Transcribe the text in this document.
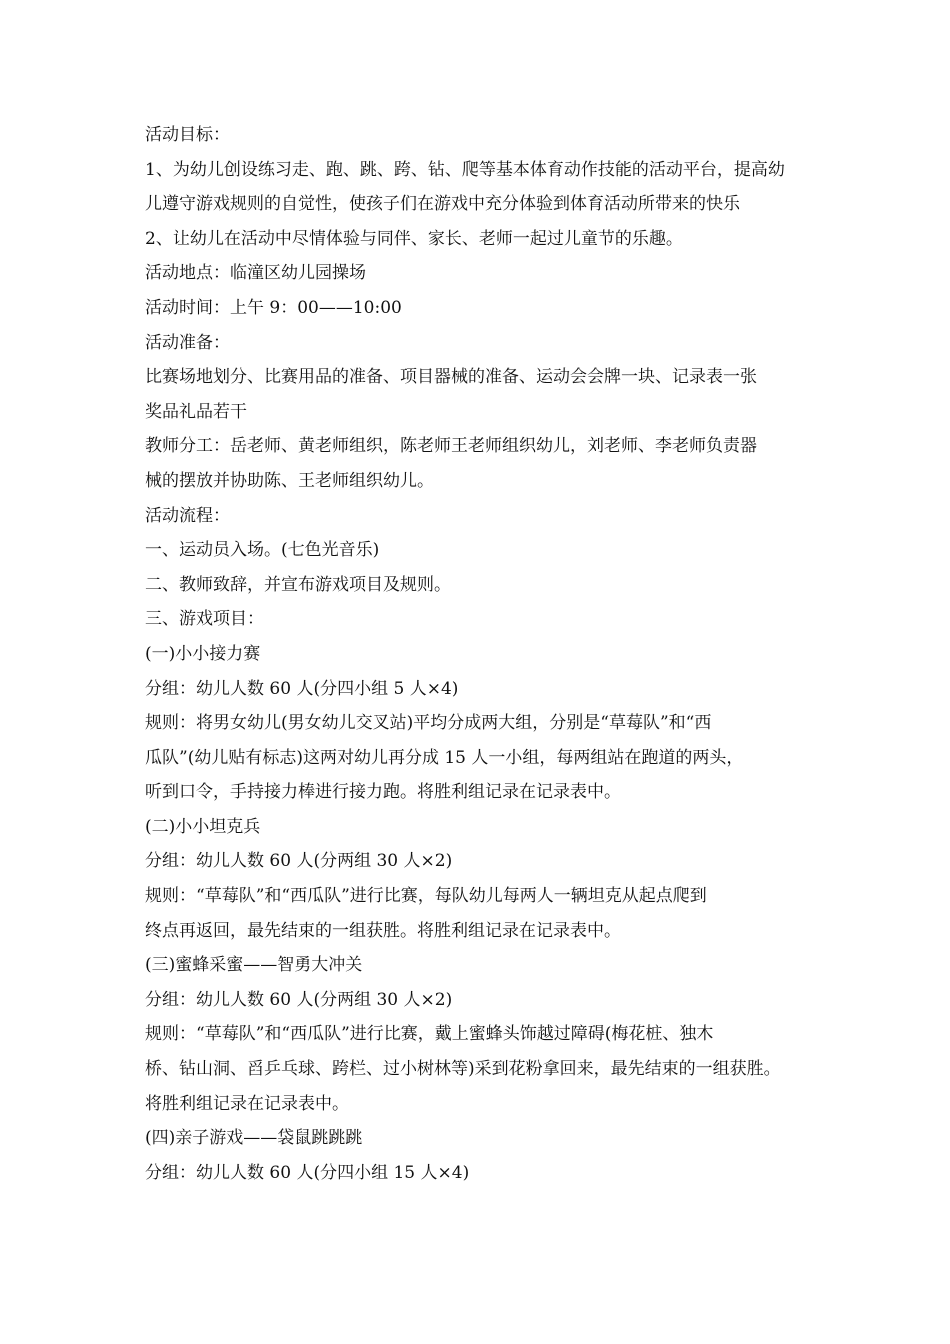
活动目标：
1、为幼儿创设练习走、跑、跳、跨、钻、爬等基本体育动作技能的活动平台，提高幼
儿遵守游戏规则的自觉性，使孩子们在游戏中充分体验到体育活动所带来的快乐
2、让幼儿在活动中尽情体验与同伴、家长、老师一起过儿童节的乐趣。
活动地点：临潼区幼儿园操场
活动时间：上午 9：00——10:00
活动准备：
比赛场地划分、比赛用品的准备、项目器械的准备、运动会会牌一块、记录表一张
奖品礼品若干
教师分工：岳老师、黄老师组织，陈老师王老师组织幼儿，刘老师、李老师负责器
械的摆放并协助陈、王老师组织幼儿。
活动流程：
一、运动员入场。(七色光音乐)
二、教师致辞，并宣布游戏项目及规则。
三、游戏项目：
(一)小小接力赛
分组：幼儿人数 60 人(分四小组 5 人×4)
规则：将男女幼儿(男女幼儿交叉站)平均分成两大组，分别是“草莓队”和“西
瓜队”(幼儿贴有标志)这两对幼儿再分成 15 人一小组，每两组站在跑道的两头，
听到口令，手持接力棒进行接力跑。将胜利组记录在记录表中。
(二)小小坦克兵
分组：幼儿人数 60 人(分两组 30 人×2)
规则：“草莓队”和“西瓜队”进行比赛，每队幼儿每两人一辆坦克从起点爬到
终点再返回，最先结束的一组获胜。将胜利组记录在记录表中。
(三)蜜蜂采蜜——智勇大冲关
分组：幼儿人数 60 人(分两组 30 人×2)
规则：“草莓队”和“西瓜队”进行比赛，戴上蜜蜂头饰越过障碍(梅花桩、独木
桥、钻山洞、舀乒乓球、跨栏、过小树林等)采到花粉拿回来，最先结束的一组获胜。
将胜利组记录在记录表中。
(四)亲子游戏——袋鼠跳跳跳
分组：幼儿人数 60 人(分四小组 15 人×4)
